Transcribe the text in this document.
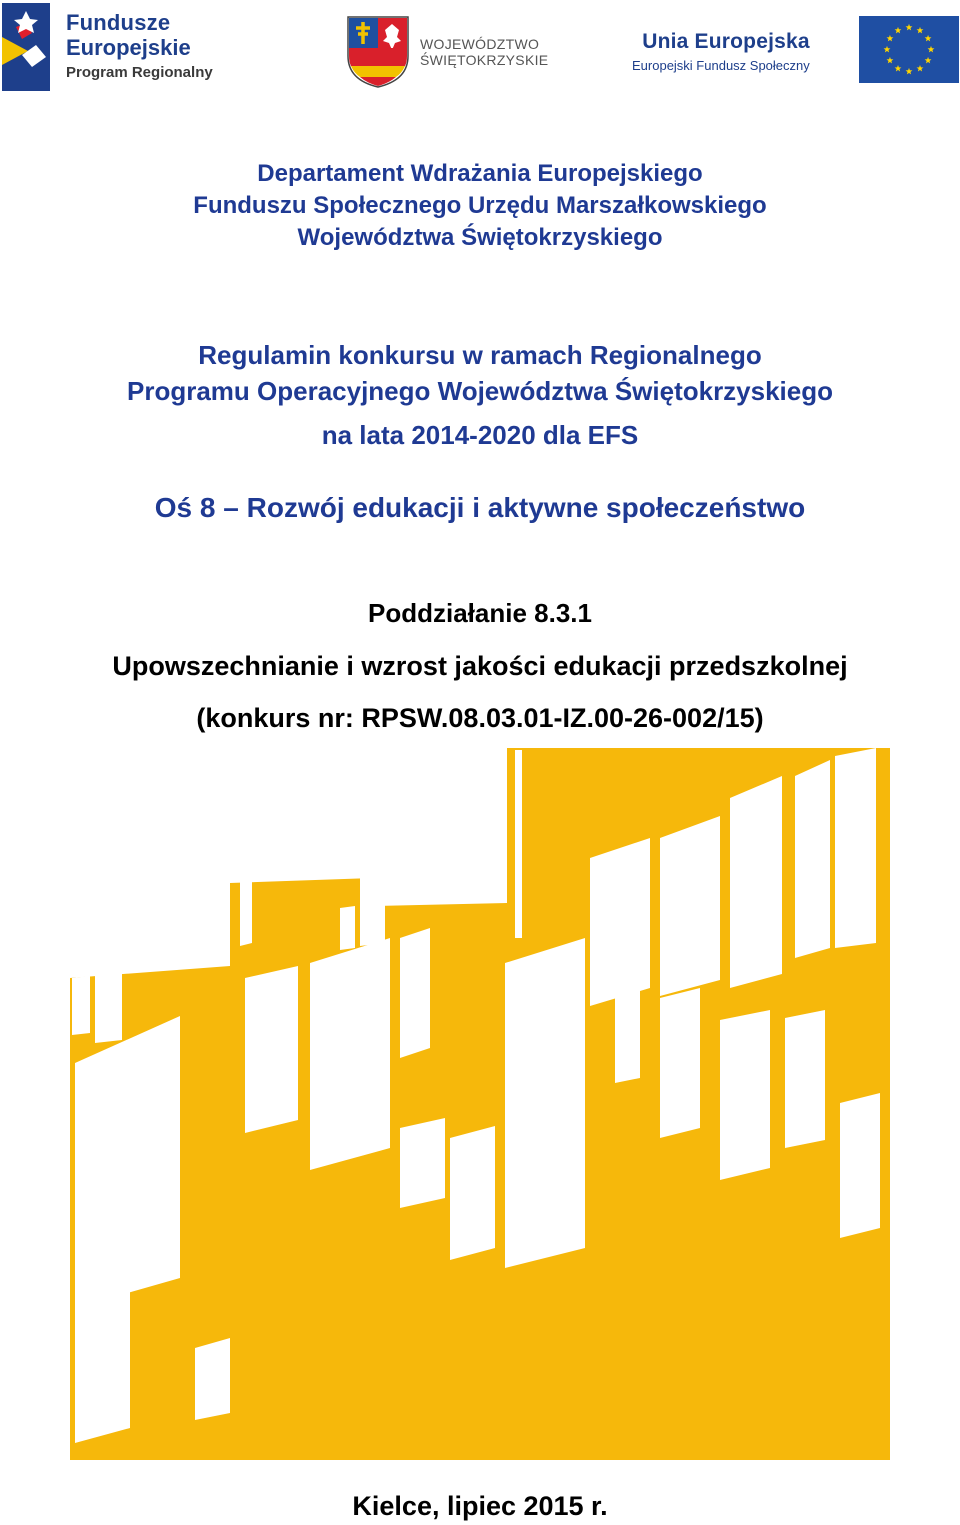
Fundusze
Europejskie
Program Regionalny
WOJEWÓDZTWO
ŚWIĘTOKRZYSKIE
Unia Europejska
Europejski Fundusz Społeczny
Departament Wdrażania Europejskiego
Funduszu Społecznego Urzędu Marszałkowskiego
Województwa Świętokrzyskiego
Regulamin konkursu w ramach Regionalnego
Programu Operacyjnego Województwa Świętokrzyskiego
na lata 2014-2020 dla EFS
Oś 8 – Rozwój edukacji i aktywne społeczeństwo
Poddziałanie 8.3.1
Upowszechnianie i wzrost jakości edukacji przedszkolnej
(konkurs nr: RPSW.08.03.01-IZ.00-26-002/15)
Kielce, lipiec 2015 r.
